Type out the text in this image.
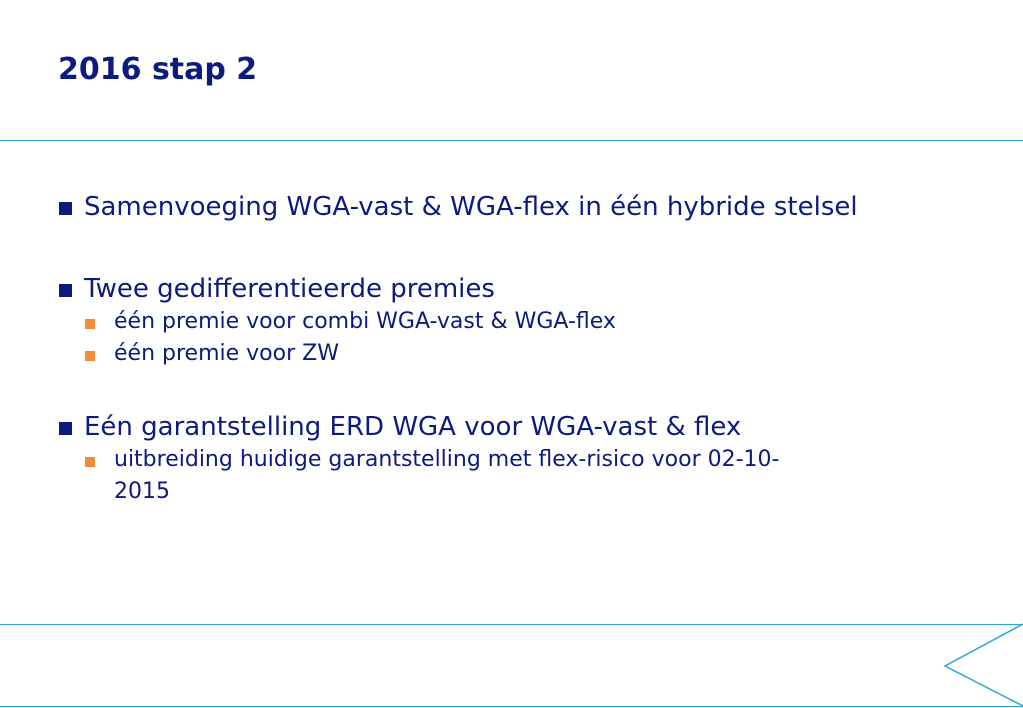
2016 stap 2
Samenvoeging WGA-vast & WGA-flex in één hybride stelsel
Twee gedifferentieerde premies
één premie voor combi WGA-vast & WGA-flex
één premie voor ZW
Eén garantstelling ERD WGA voor WGA-vast & flex
uitbreiding huidige garantstelling met flex-risico voor 02-10-2015
